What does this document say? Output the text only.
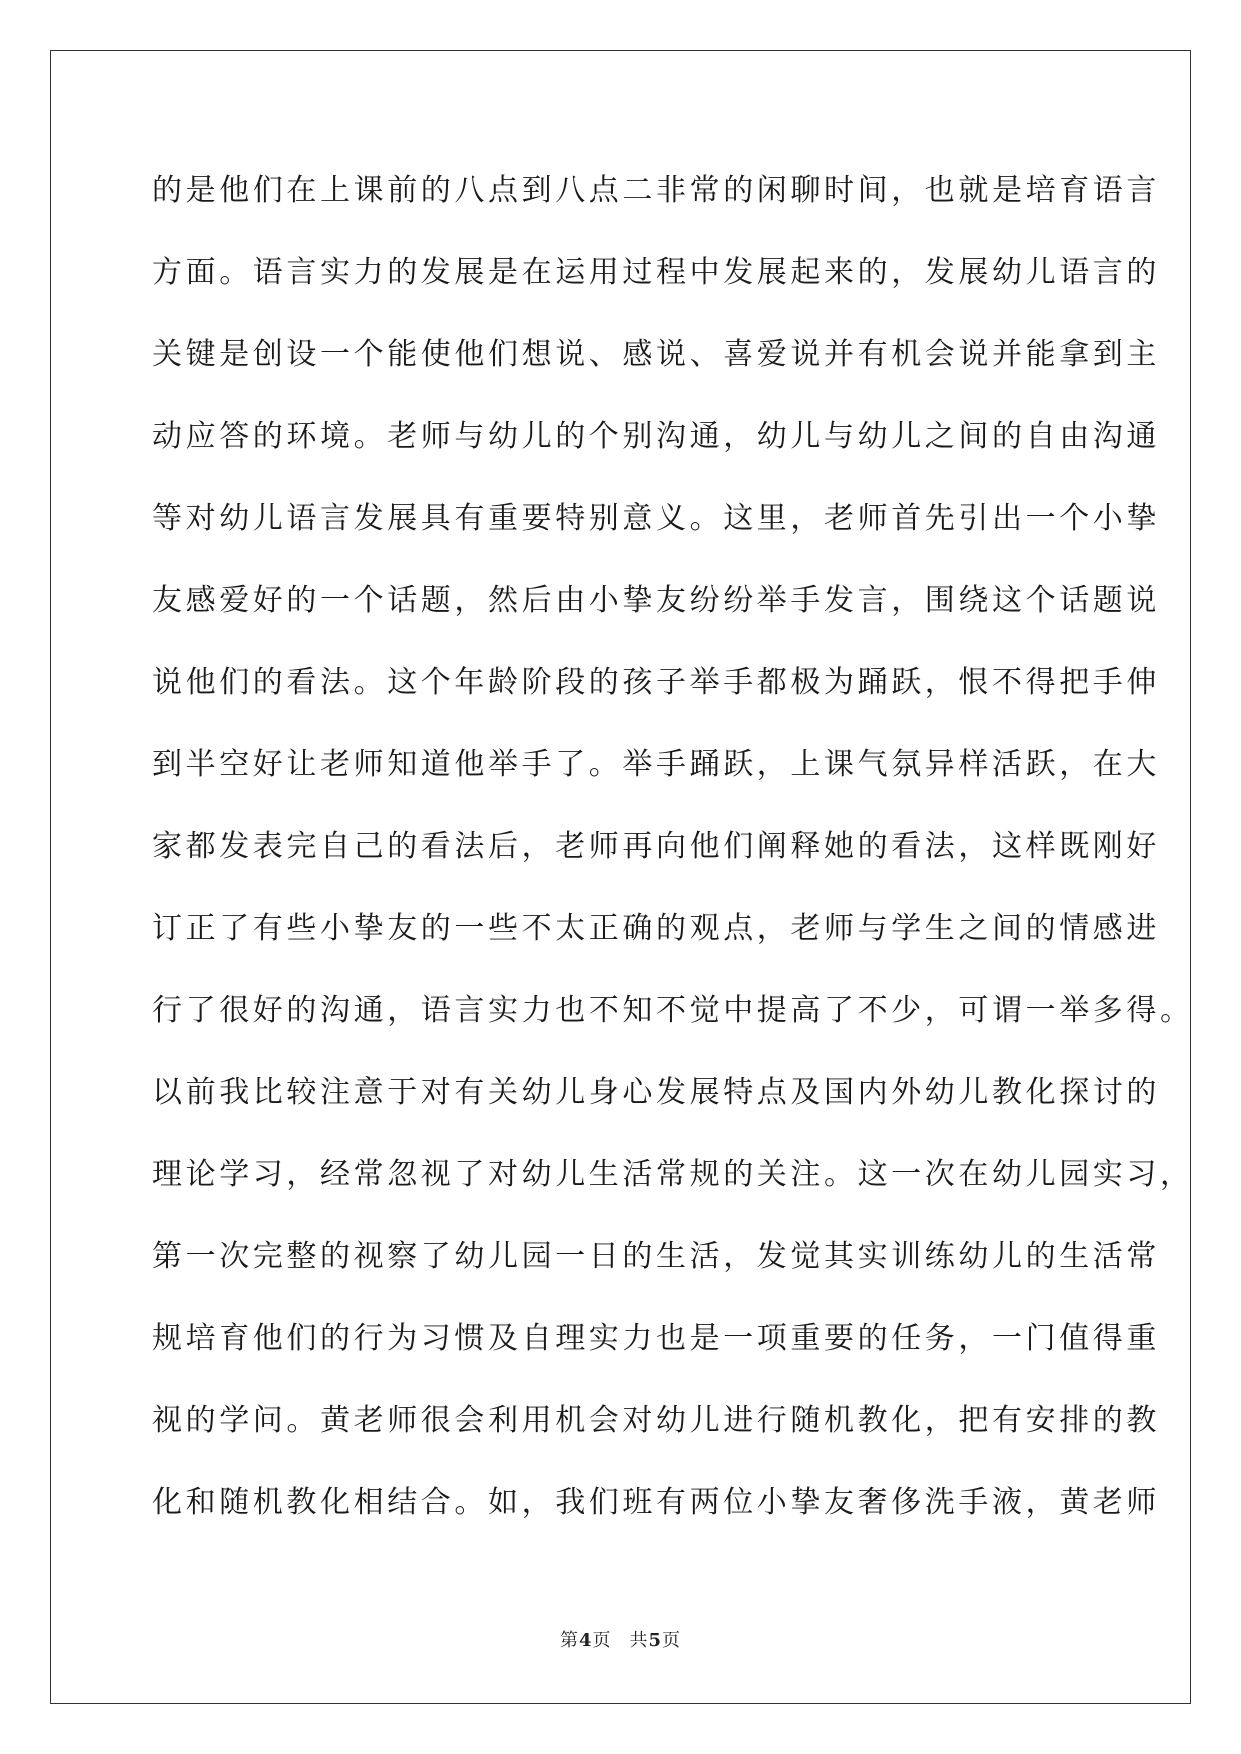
的是他们在上课前的八点到八点二非常的闲聊时间，也就是培育语言
方面。语言实力的发展是在运用过程中发展起来的，发展幼儿语言的
关键是创设一个能使他们想说、感说、喜爱说并有机会说并能拿到主
动应答的环境。老师与幼儿的个别沟通，幼儿与幼儿之间的自由沟通
等对幼儿语言发展具有重要特别意义。这里，老师首先引出一个小挚
友感爱好的一个话题，然后由小挚友纷纷举手发言，围绕这个话题说
说他们的看法。这个年龄阶段的孩子举手都极为踊跃，恨不得把手伸
到半空好让老师知道他举手了。举手踊跃，上课气氛异样活跃，在大
家都发表完自己的看法后，老师再向他们阐释她的看法，这样既刚好
订正了有些小挚友的一些不太正确的观点，老师与学生之间的情感进
行了很好的沟通，语言实力也不知不觉中提高了不少，可谓一举多得。
以前我比较注意于对有关幼儿身心发展特点及国内外幼儿教化探讨的
理论学习，经常忽视了对幼儿生活常规的关注。这一次在幼儿园实习，
第一次完整的视察了幼儿园一日的生活，发觉其实训练幼儿的生活常
规培育他们的行为习惯及自理实力也是一项重要的任务，一门值得重
视的学问。黄老师很会利用机会对幼儿进行随机教化，把有安排的教
化和随机教化相结合。如，我们班有两位小挚友奢侈洗手液，黄老师
第4页 共5页
